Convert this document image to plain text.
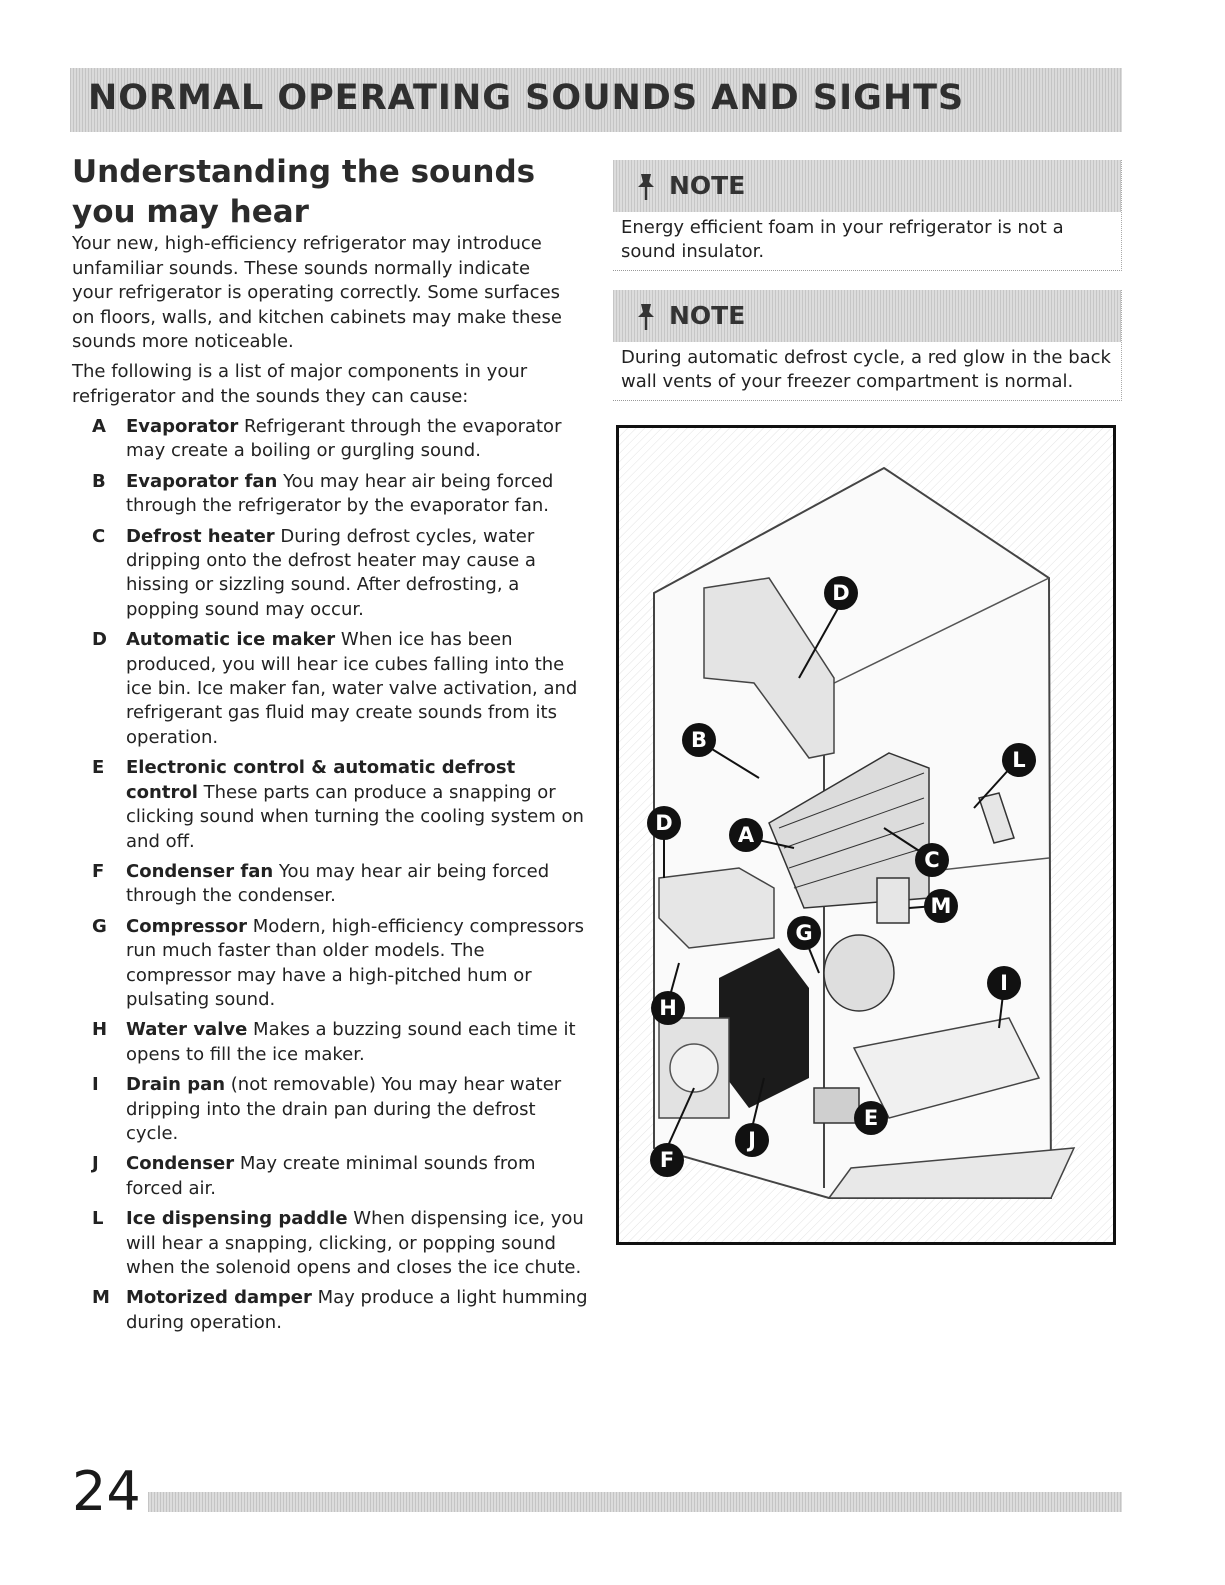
NORMAL OPERATING SOUNDS AND SIGHTS
Understanding the sounds you may hear

Your new, high-efficiency refrigerator may introduce unfamiliar sounds. These sounds normally indicate your refrigerator is operating correctly. Some surfaces on floors, walls, and kitchen cabinets may make these sounds more noticeable.

The following is a list of major components in your refrigerator and the sounds they can cause:

A	Evaporator Refrigerant through the evaporator may create a boiling or gurgling sound.
B	Evaporator fan You may hear air being forced through the refrigerator by the evaporator fan.
C	Defrost heater During defrost cycles, water dripping onto the defrost heater may cause a hissing or sizzling sound. After defrosting, a popping sound may occur.
D Automatic ice maker When ice has been produced, you will hear ice cubes falling into the ice bin. Ice maker fan, water valve activation, and refrigerant gas fluid may create sounds from its operation.
E	Electronic control & automatic defrost control These parts can produce a snapping or clicking sound when turning the cooling system on and off.
F	Condenser fan You may hear air being forced through the condenser.
G Compressor Modern, high-efficiency compressors run much faster than older models. The compressor may have a high-pitched hum or pulsating sound.
H Water valve Makes a buzzing sound each time it opens to fill the ice maker.
I	Drain pan (not removable) You may hear water dripping into the drain pan during the defrost cycle.
J	Condenser May create minimal sounds from forced air.
L	Ice dispensing paddle When dispensing ice, you will hear a snapping, clicking, or popping sound when the solenoid opens and closes the ice chute.
M Motorized damper May produce a light humming during operation.
NOTE

Energy efficient foam in your refrigerator is not a sound insulator.

NOTE

During automatic defrost cycle, a red glow in the back wall vents of your freezer compartment is normal.

D
B
L
D	A
C
M
G
H
I
E
J
F
24
